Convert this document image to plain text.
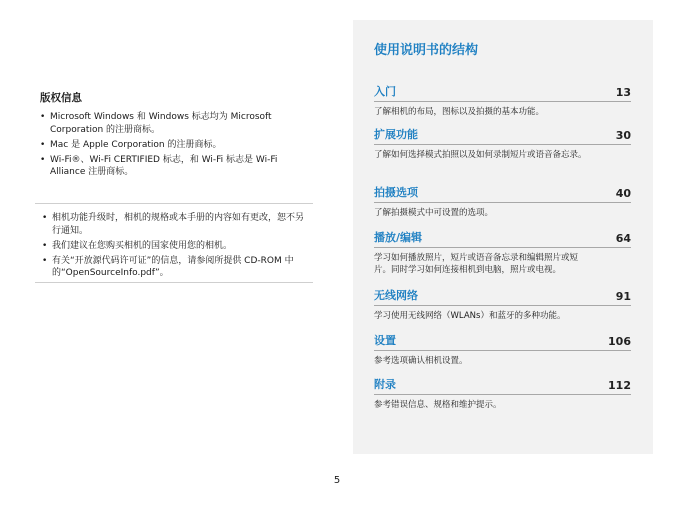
版权信息
• Microsoft Windows 和 Windows 标志均为 Microsoft Corporation 的注册商标。
• Mac 是 Apple Corporation 的注册商标。
• Wi-Fi®、Wi-Fi CERTIFIED 标志，和 Wi-Fi 标志是 Wi-Fi Alliance 注册商标。
• 相机功能升级时，相机的规格或本手册的内容如有更改，恕不另行通知。
• 我们建议在您购买相机的国家使用您的相机。
• 有关“开放源代码许可证”的信息，请参阅所提供 CD-ROM 中的“OpenSourceInfo.pdf”。
使用说明书的结构
入门	13
了解相机的布局，图标以及拍摄的基本功能。
扩展功能	30
了解如何选择模式拍照以及如何录制短片或语音备忘录。
拍摄选项	40
了解拍摄模式中可设置的选项。
播放/编辑	64
学习如何播放照片，短片或语音备忘录和编辑照片或短片。同时学习如何连接相机到电脑，照片或电视。
无线网络	91
学习使用无线网络（WLANs）和蓝牙的多种功能。
设置	106
参考选项确认相机设置。
附录	112
参考错误信息、规格和维护提示。
5
